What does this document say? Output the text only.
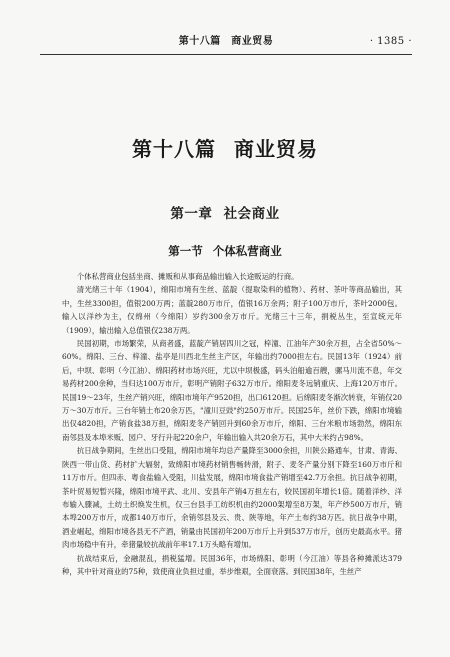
第十八篇　商业贸易	· 1385 ·
第十八篇 商业贸易
第一章 社会商业
第一节 个体私营商业

个体私营商业包括坐商、摊贩和从事商品输出输入长途贩运的行商。

清光绪三十年（1904），绵阳市境有生丝、蓝靛（提取染料的植物）、药材、茶叶等商品输出，其中，生丝3300担，值银200万两；蓝靛280万市斤，值银16万余两；附子100万市斤，茶叶2000包。输入以洋纱为主，仅绵州（今绵阳）岁约300余万市斤。光绪三十三年，捐税丛生，至宣统元年（1909），输出输入总值银仅238万两。

民国初期，市场繁荣，从商者盛，蓝靛产销居四川之冠，梓潼、江油年产30余万担，占全省50%～60%。绵阳、三台、梓潼、盐亭是川西北生丝主产区，年输出约7000担左右。民国13年（1924）前后，中坝、彰明（今江油）、绵阳药材市场兴旺，尤以中坝极盛，码头泊船逾百艘，骡马川流不息，年交易药材200余种，当归达100万市斤，彰明产销附子632万市斤。绵阳麦冬远销重庆、上海120万市斤。民国19～23年，生丝产销兴旺，绵阳市境年产9520担，出口6120担。后绵阳麦冬渐次转衰，年销仅20万～30万市斤。三台年销土布20余万匹，"潼川豆豉"约250万市斤。民国25年，丝价下跌，绵阳市境输出仅4820担，产销食盐38万担，绵阳麦冬产销回升到60余万市斤，绵阳、三台米粮市场勃然，绵阳东南邻县及本埠米贩、园户、牙行升起220余户，年输出输入共20余万石，其中大米约占98%。

抗日战争期间，生丝出口受阻，绵阳市境年均总产量降至3000余担，川陕公路通车，甘肃、青海、陕西一带山货、药材扩大辐射，致绵阳市境药材销售畅转滑，附子、麦冬产量分别下降至160万市斤和11万市斤。但四赤、粤食盐输入受阻，川盐发展，绵阳市境食盐产销增至42.7万余担。抗日战争初期，茶叶贸易短暂兴隆，绵阳市境平武、北川、安县年产销4万担左右，较民国初年增长1倍。随着洋纱、洋布输入骤减，土纺土织焕发生机，仅三台县手工纺织机由约2000架增至8万架，年产纱500万市斤，销本埠200万市斤，成都140万市斤，余销邻县及云、贵、陕等地，年产土布约38万匹。抗日战争中期，酒业崛起，绵阳市境各县无不产酒，销量由民国初年200万市斤上升到537万市斤，创历史最高水平。猪肉市场稳中有升，牵猪量较抗战前年率17.1万头略有增加。

抗战结束后，金融混乱，捐税猛增。民国36年，市场绵阳、彰明（今江油）等县各种摊派达379种，其中针对商业的75种，致使商业负担过重，举步维艰，全面衰落。到民国38年，生丝产
